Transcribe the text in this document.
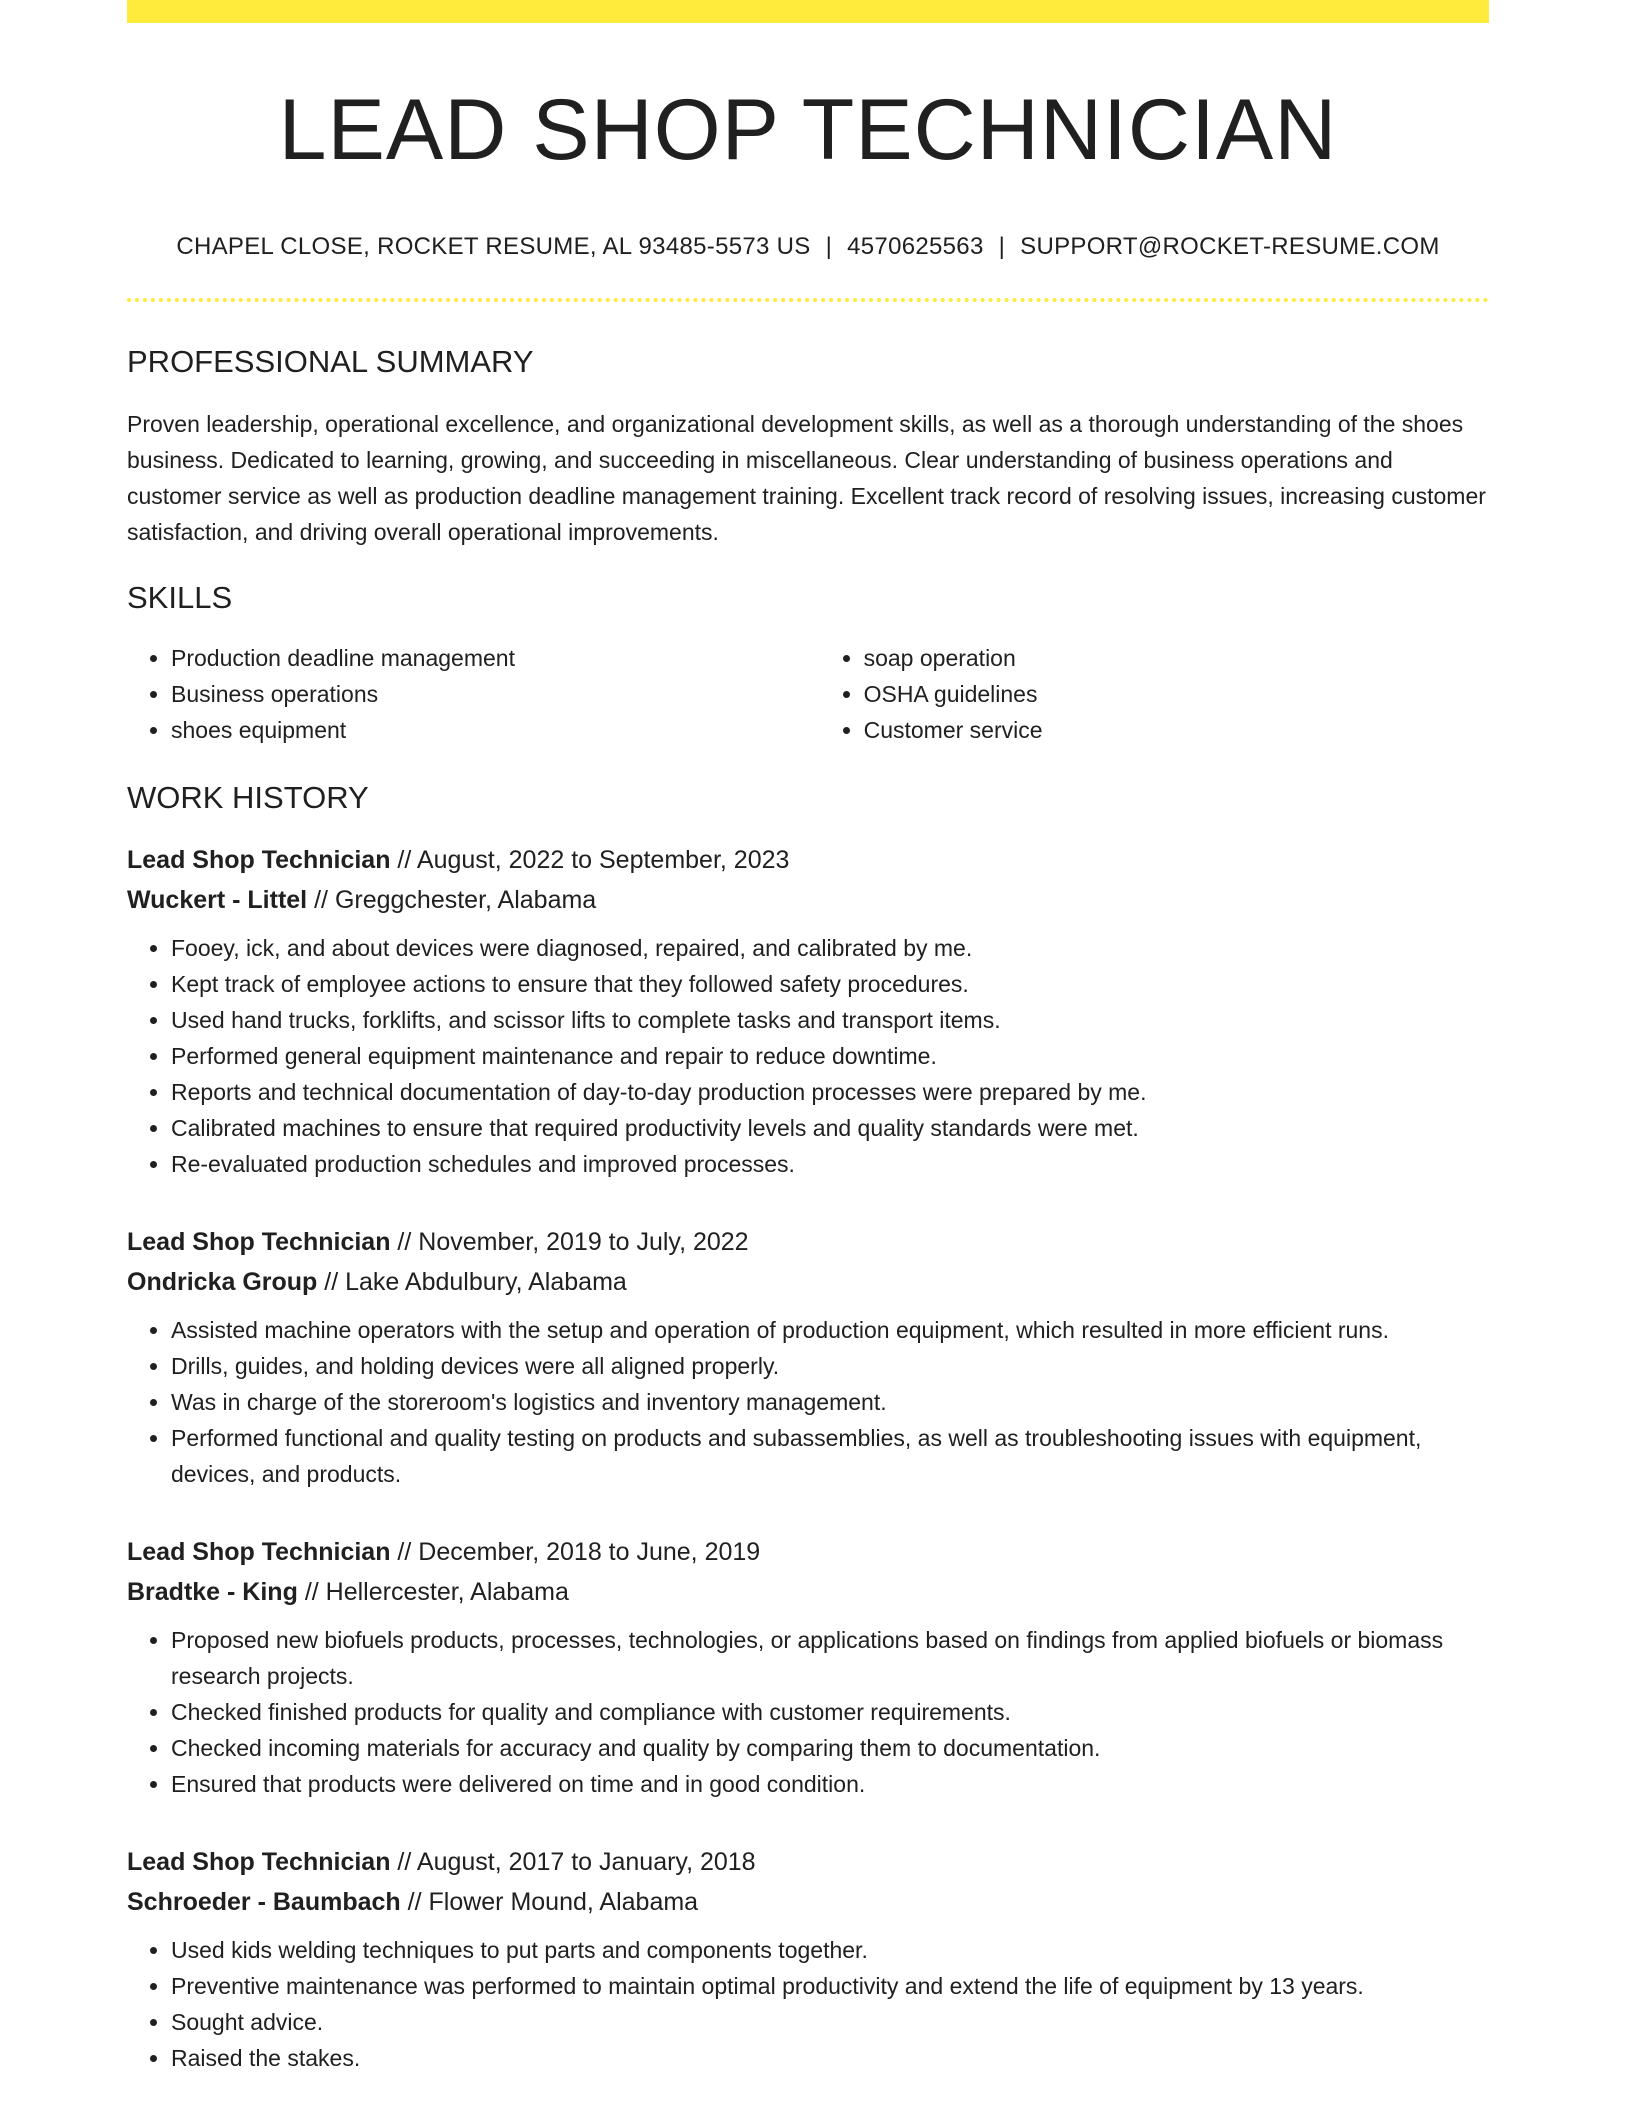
LEAD SHOP TECHNICIAN
CHAPEL CLOSE, ROCKET RESUME, AL 93485-5573 US | 4570625563 | SUPPORT@ROCKET-RESUME.COM
PROFESSIONAL SUMMARY

Proven leadership, operational excellence, and organizational development skills, as well as a thorough understanding of the shoes business. Dedicated to learning, growing, and succeeding in miscellaneous. Clear understanding of business operations and customer service as well as production deadline management training. Excellent track record of resolving issues, increasing customer satisfaction, and driving overall operational improvements.

SKILLS
• Production deadline management
• Business operations
• shoes equipment
• soap operation
• OSHA guidelines
• Customer service
WORK HISTORY
Lead Shop Technician // August, 2022 to September, 2023
Wuckert - Littel // Greggchester, Alabama
• Fooey, ick, and about devices were diagnosed, repaired, and calibrated by me.
• Kept track of employee actions to ensure that they followed safety procedures.
• Used hand trucks, forklifts, and scissor lifts to complete tasks and transport items.
• Performed general equipment maintenance and repair to reduce downtime.
• Reports and technical documentation of day-to-day production processes were prepared by me.
• Calibrated machines to ensure that required productivity levels and quality standards were met.
• Re-evaluated production schedules and improved processes.
Lead Shop Technician // November, 2019 to July, 2022
Ondricka Group // Lake Abdulbury, Alabama
• Assisted machine operators with the setup and operation of production equipment, which resulted in more efficient runs.
• Drills, guides, and holding devices were all aligned properly.
• Was in charge of the storeroom's logistics and inventory management.
• Performed functional and quality testing on products and subassemblies, as well as troubleshooting issues with equipment, devices, and products.
Lead Shop Technician // December, 2018 to June, 2019
Bradtke - King // Hellercester, Alabama
• Proposed new biofuels products, processes, technologies, or applications based on findings from applied biofuels or biomass research projects.
• Checked finished products for quality and compliance with customer requirements.
• Checked incoming materials for accuracy and quality by comparing them to documentation.
• Ensured that products were delivered on time and in good condition.
Lead Shop Technician // August, 2017 to January, 2018
Schroeder - Baumbach // Flower Mound, Alabama
• Used kids welding techniques to put parts and components together.
• Preventive maintenance was performed to maintain optimal productivity and extend the life of equipment by 13 years.
• Sought advice.
• Raised the stakes.
